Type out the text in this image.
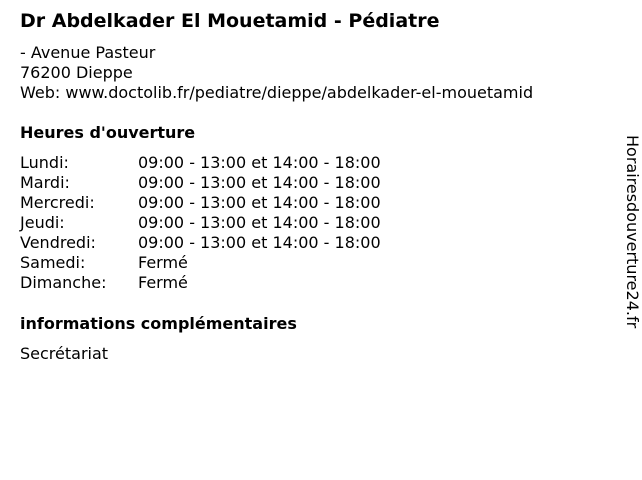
Dr Abdelkader El Mouetamid - Pédiatre
- Avenue Pasteur
76200 Dieppe
Web: www.doctolib.fr/pediatre/dieppe/abdelkader-el-mouetamid
Heures d'ouverture
Lundi:	09:00 - 13:00 et 14:00 - 18:00
Mardi:	09:00 - 13:00 et 14:00 - 18:00
Mercredi:	09:00 - 13:00 et 14:00 - 18:00
Jeudi:	09:00 - 13:00 et 14:00 - 18:00
Vendredi:	09:00 - 13:00 et 14:00 - 18:00
Samedi:	Fermé
Dimanche: Fermé
informations complémentaires
Secrétariat
Horairesdouverture24.fr
